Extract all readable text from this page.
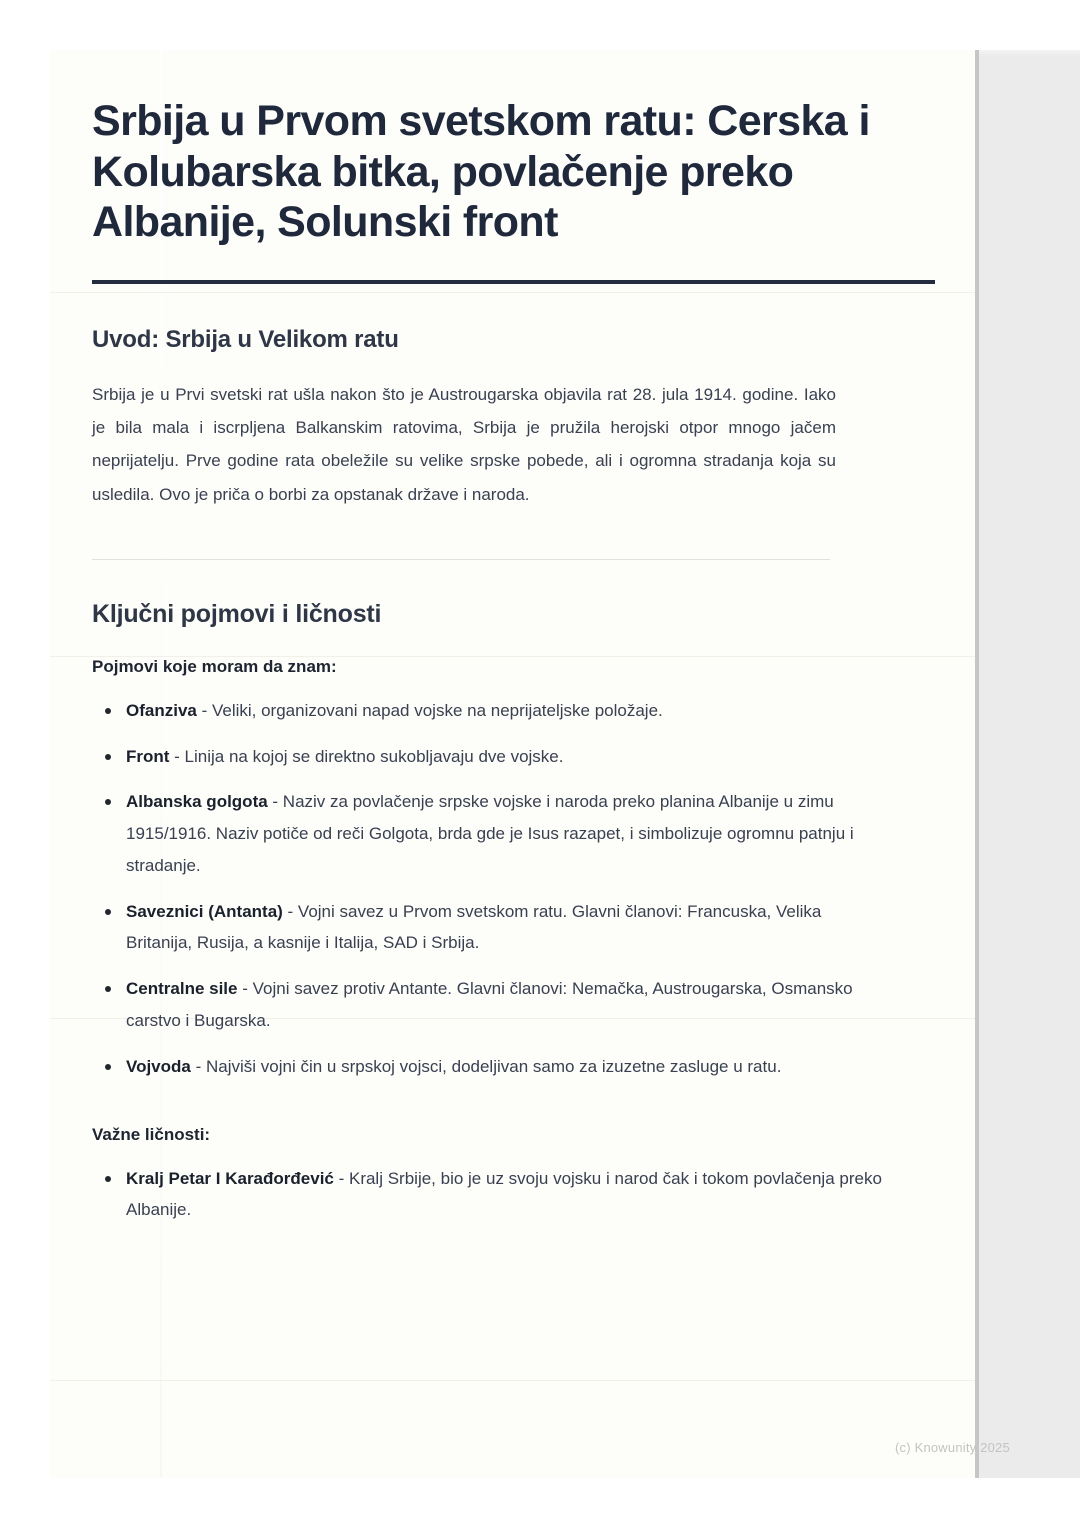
Srbija u Prvom svetskom ratu: Cerska i Kolubarska bitka, povlačenje preko Albanije, Solunski front
Uvod: Srbija u Velikom ratu

Srbija je u Prvi svetski rat ušla nakon što je Austrougarska objavila rat 28. jula 1914. godine. Iako je bila mala i iscrpljena Balkanskim ratovima, Srbija je pružila herojski otpor mnogo jačem neprijatelju. Prve godine rata obeležile su velike srpske pobede, ali i ogromna stradanja koja su usledila. Ovo je priča o borbi za opstanak države i naroda.

Ključni pojmovi i ličnosti

Pojmovi koje moram da znam:

Ofanziva - Veliki, organizovani napad vojske na neprijateljske položaje.
Front - Linija na kojoj se direktno sukobljavaju dve vojske.
Albanska golgota - Naziv za povlačenje srpske vojske i naroda preko planina Albanije u zimu 1915/1916. Naziv potiče od reči Golgota, brda gde je Isus razapet, i simbolizuje ogromnu patnju i stradanje.
Saveznici (Antanta) - Vojni savez u Prvom svetskom ratu. Glavni članovi: Francuska, Velika Britanija, Rusija, a kasnije i Italija, SAD i Srbija.
Centralne sile - Vojni savez protiv Antante. Glavni članovi: Nemačka, Austrougarska, Osmansko carstvo i Bugarska.
Vojvoda - Najviši vojni čin u srpskoj vojsci, dodeljivan samo za izuzetne zasluge u ratu.

Važne ličnosti:

Kralj Petar I Karađorđević - Kralj Srbije, bio je uz svoju vojsku i narod čak i tokom povlačenja preko Albanije.
(c) Knowunity 2025
